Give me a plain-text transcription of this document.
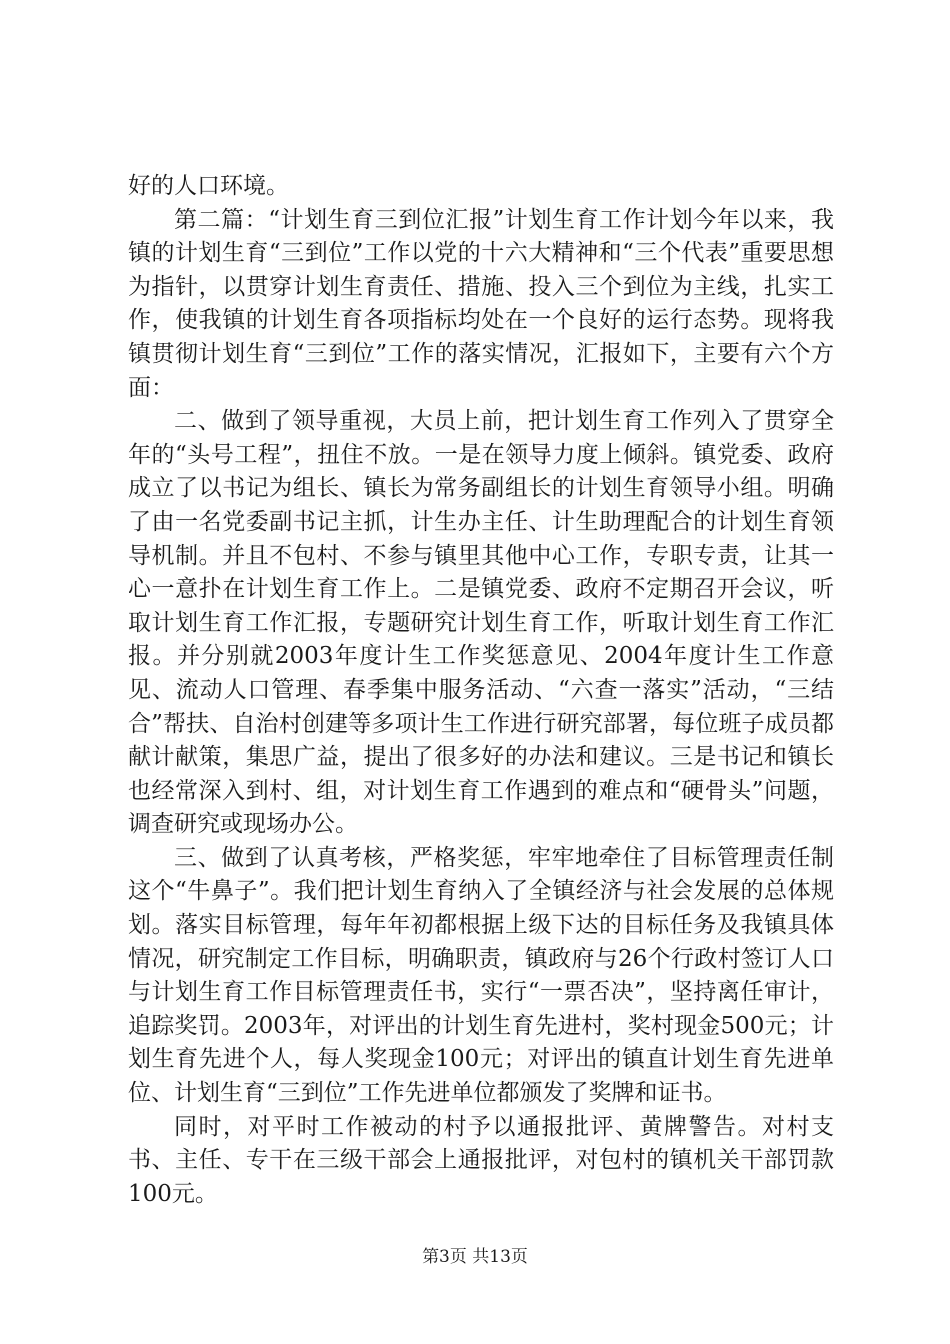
好的人口环境。

第二篇：“计划生育三到位汇报”计划生育工作计划今年以来，我镇的计划生育“三到位”工作以党的十六大精神和“三个代表”重要思想为指针，以贯穿计划生育责任、措施、投入三个到位为主线，扎实工作，使我镇的计划生育各项指标均处在一个良好的运行态势。现将我镇贯彻计划生育“三到位”工作的落实情况，汇报如下，主要有六个方面：

二、做到了领导重视，大员上前，把计划生育工作列入了贯穿全年的“头号工程”，扭住不放。一是在领导力度上倾斜。镇党委、政府成立了以书记为组长、镇长为常务副组长的计划生育领导小组。明确了由一名党委副书记主抓，计生办主任、计生助理配合的计划生育领导机制。并且不包村、不参与镇里其他中心工作，专职专责，让其一心一意扑在计划生育工作上。二是镇党委、政府不定期召开会议，听取计划生育工作汇报，专题研究计划生育工作，听取计划生育工作汇报。并分别就2003年度计生工作奖惩意见、2004年度计生工作意见、流动人口管理、春季集中服务活动、“六查一落实”活动，“三结合”帮扶、自治村创建等多项计生工作进行研究部署，每位班子成员都献计献策，集思广益，提出了很多好的办法和建议。三是书记和镇长也经常深入到村、组，对计划生育工作遇到的难点和“硬骨头”问题，调查研究或现场办公。

三、做到了认真考核，严格奖惩，牢牢地牵住了目标管理责任制这个“牛鼻子”。我们把计划生育纳入了全镇经济与社会发展的总体规划。落实目标管理，每年年初都根据上级下达的目标任务及我镇具体情况，研究制定工作目标，明确职责，镇政府与26个行政村签订人口与计划生育工作目标管理责任书，实行“一票否决”，坚持离任审计，追踪奖罚。2003年，对评出的计划生育先进村，奖村现金500元；计划生育先进个人，每人奖现金100元；对评出的镇直计划生育先进单位、计划生育“三到位”工作先进单位都颁发了奖牌和证书。

同时，对平时工作被动的村予以通报批评、黄牌警告。对村支书、主任、专干在三级干部会上通报批评，对包村的镇机关干部罚款100元。

第3页 共13页
